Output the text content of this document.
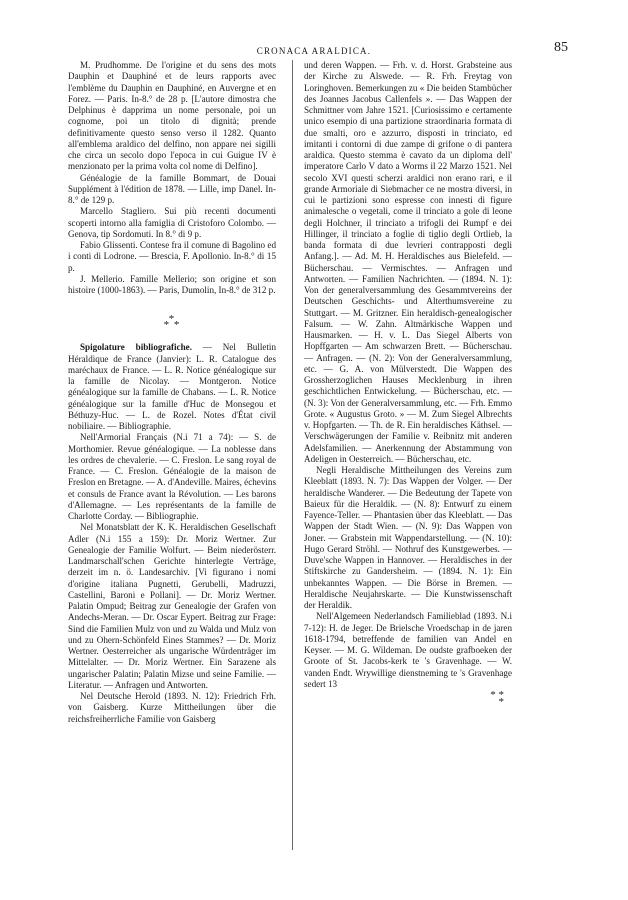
CRONACA ARALDICA.	85

M. Prudhomme. De l'origine et du sens des mots Dauphin et Dauphiné et de leurs rapports avec l'emblème du Dauphin en Dauphiné, en Auvergne et en Forez. — Paris. In-8.° de 28 p. [L'autore dimostra che Delphinus è dapprima un nome personale, poi un cognome, poi un titolo di dignità; prende definitivamente questo senso verso il 1282. Quanto all'emblema araldico del delfino, non appare nei sigilli che circa un secolo dopo l'epoca in cui Guigue IV è menzionato per la prima volta col nome di Delfino].

Généalogie de la famille Bommart, de Douai Supplément à l'édition de 1878. — Lille, imp Danel. In-8.° de 129 p.

Marcello Stagliero. Sui più recenti documenti scoperti intorno alla famiglia di Cristoforo Colombo. — Genova, tip Sordomuti. In 8.° di 9 p.

Fabio Glissenti. Contese fra il comune di Bagolino ed i conti di Lodrone. — Brescia, F. Apollonio. In-8.° di 15 p.

J. Mellerio. Famille Mellerio; son origine et son histoire (1000-1863). — Paris, Dumolin, In-8.° de 312 p.

*
* *

Spigolature bibliografiche. — Nel Bulletin Héraldique de France (Janvier): L. R. Catalogue des maréchaux de France. — L. R. Notice généalogique sur la famille de Nicolay. — Montgeron. Notice généalogique sur la famille de Chabans. — L. R. Notice généalogique sur la famille d'Huc de Monsegou et Béthuzy-Huc. — L. de Rozel. Notes d'État civil nobiliaire. — Bibliographie.

Nell'Armorial Français (N.i 71 a 74): — S. de Morthomier. Revue généalogique. — La noblesse dans les ordres de chevalerie. — C. Freslon. Le sang royal de France. — C. Freslon. Généalogie de la maison de Freslon en Bretagne. — A. d'Andeville. Maires, échevins et consuls de France avant la Révolution. — Les barons d'Allemagne. — Les représentants de la famille de Charlotte Corday. — Bibliographie.

Nel Monatsblatt der K. K. Heraldischen Gesellschaft Adler (N.i 155 a 159): Dr. Moriz Wertner. Zur Genealogie der Familie Wolfurt. — Beim niederösterr. Landmarschall'schen Gerichte hinterlegte Verträge, derzeit im n. ö. Landesarchiv. [Vi figurano i nomi d'origine italiana Pugnetti, Gerubelli, Madruzzi, Castellini, Baroni e Pollani]. — Dr. Moriz Wertner. Palatin Ompud; Beitrag zur Genealogie der Grafen von Andechs-Meran. — Dr. Oscar Eypert. Beitrag zur Frage: Sind die Familien Mulz von und zu Walda und Mulz von und zu Ohern-Schönfeld Eines Stammes? — Dr. Moriz Wertner. Oesterreicher als ungarische Würdenträger im Mittelalter. — Dr. Moriz Wertner. Ein Sarazene als ungarischer Palatin; Palatin Mizse und seine Familie. — Literatur. — Anfragen und Antworten.

Nel Deutsche Herold (1893. N. 12): Friedrich Frh. von Gaisberg. Kurze Mittheilungen über die reichsfreiherrliche Familie von Gaisberg

und deren Wappen. — Frh. v. d. Horst. Grabsteine aus der Kirche zu Alswede. — R. Frh. Freytag von Loringhoven. Bemerkungen zu « Die beiden Stambücher des Joannes Jacobus Callenfels ». — Das Wappen der Schmittner vom Jahre 1521. [Curiosissimo e certamente unico esempio di una partizione straordinaria formata di due smalti, oro e azzurro, disposti in trinciato, ed imitanti i contorni di due zampe di grifone o di pantera araldica. Questo stemma è cavato da un diploma dell' imperatore Carlo V dato a Worms il 22 Marzo 1521. Nel secolo XVI questi scherzi araldici non erano rari, e il grande Armoriale di Siebmacher ce ne mostra diversi, in cui le partizioni sono espresse con innesti di figure animalesche o vegetali, come il trinciato a gole di leone degli Holchner, il trinciato a trifogli dei Rumpf e dei Hillinger, il trinciato a foglie di tiglio degli Ortlieb, la banda formata di due levrieri contrapposti degli Anfang.]. — Ad. M. H. Heraldisches aus Bielefeld. — Bücherschau. — Vermischtes. — Anfragen und Antworten. — Familien Nachrichten. — (1894. N. 1): Von der generalversammlung des Gesammtvereins der Deutschen Geschichts- und Alterthumsvereine zu Stuttgart. — M. Gritzner. Ein heraldisch-genealogischer Falsum. — W. Zahn. Altmärkische Wappen und Hausmarken. — H. v. L. Das Siegel Alberts von Hopffgarten — Am schwarzen Brett. — Bücherschau. — Anfragen. — (N. 2): Von der Generalversammlung, etc. — G. A. von Mülverstedt. Die Wappen des Grossherzoglichen Hauses Mecklenburg in ihren geschichtlichen Entwickelung. — Bücherschau, etc. — (N. 3): Von der Generalversammlung, etc. — Frh. Emmo Grote. « Augustus Groto. » — M. Zum Siegel Albrechts v. Hopfgarten. — Th. de R. Ein heraldisches Käthsel. — Verschwägerungen der Familie v. Reibnitz mit anderen Adelsfamilien. — Anerkennung der Abstammung von Adeligen in Oesterreich. — Bücherschau, etc.

Negli Heraldische Mittheilungen des Vereins zum Kleeblatt (1893. N. 7): Das Wappen der Volger. — Der heraldische Wanderer. — Die Bedeutung der Tapete von Baieux für die Heraldik. — (N. 8): Entwurf zu einem Fayence-Teller. — Phantasien über das Kleeblatt. — Das Wappen der Stadt Wien. — (N. 9): Das Wappen von Joner. — Grabstein mit Wappendarstellung. — (N. 10): Hugo Gerard Ströhl. — Nothruf des Kunstgewerbes. — Duve'sche Wappen in Hannover. — Heraldisches in der Stiftskirche zu Gandersheim. — (1894. N. 1): Ein unbekanntes Wappen. — Die Börse in Bremen. — Heraldische Neujahrskarte. — Die Kunstwissenschaft der Heraldik.

Nell'Algemeen Nederlandsch Familieblad (1893. N.i 7-12): H. de Jeger. De Brielsche Vroedschap in de jaren 1618-1794, betreffende de familien van Andel en Keyser. — M. G. Wildeman. De oudste grafboeken der Groote of St. Jacobs-kerk te 's Gravenhage. — W. vanden Endt. Wrywillige dienstneming te 's Gravenhage sedert 13

* *
*
